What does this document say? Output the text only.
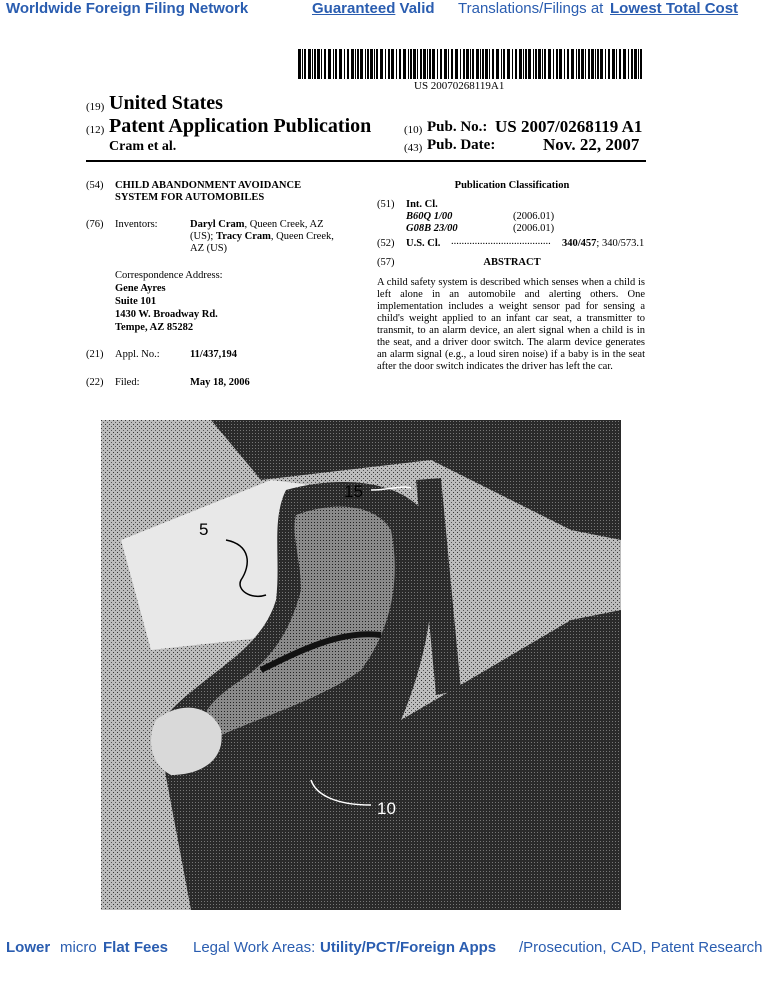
Worldwide Foreign Filing Network	Guaranteed Valid Translations/Filings at Lowest Total Cost
US 20070268119A1
(19) United States
(12) Patent Application Publication	(10) Pub. No.: US 2007/0268119 A1
Cram et al.	(43) Pub. Date:	Nov. 22, 2007
(54) CHILD ABANDONMENT AVOIDANCE
SYSTEM FOR AUTOMOBILES
(76) Inventors:	Daryl Cram, Queen Creek, AZ
(US); Tracy Cram, Queen Creek,
AZ (US)
Correspondence Address:
Gene Ayres
Suite 101
1430 W. Broadway Rd.
Tempe, AZ 85282
(21) Appl. No.:	11/437,194
(22) Filed:	May 18, 2006
Publication Classification
(51) Int. Cl.
B60Q 1/00	(2006.01)
G08B 23/00	(2006.01)
(52) U.S. Cl. ......................................	340/457; 340/573.1
(57)	ABSTRACT
A child safety system is described which senses when a child is left alone in an automobile and alerting others. One implementation includes a weight sensor pad for sensing a child's weight applied to an infant car seat, a transmitter to transmit, to an alarm device, an alert signal when a child is in the seat, and a driver door switch. The alarm device generates an alarm signal (e.g., a loud siren noise) if a baby is in the seat after the door switch indicates the driver has left the car.
5
15
10
Lower micro Flat Fees Legal Work Areas: Utility/PCT/Foreign Apps /Prosecution, CAD, Patent Research
